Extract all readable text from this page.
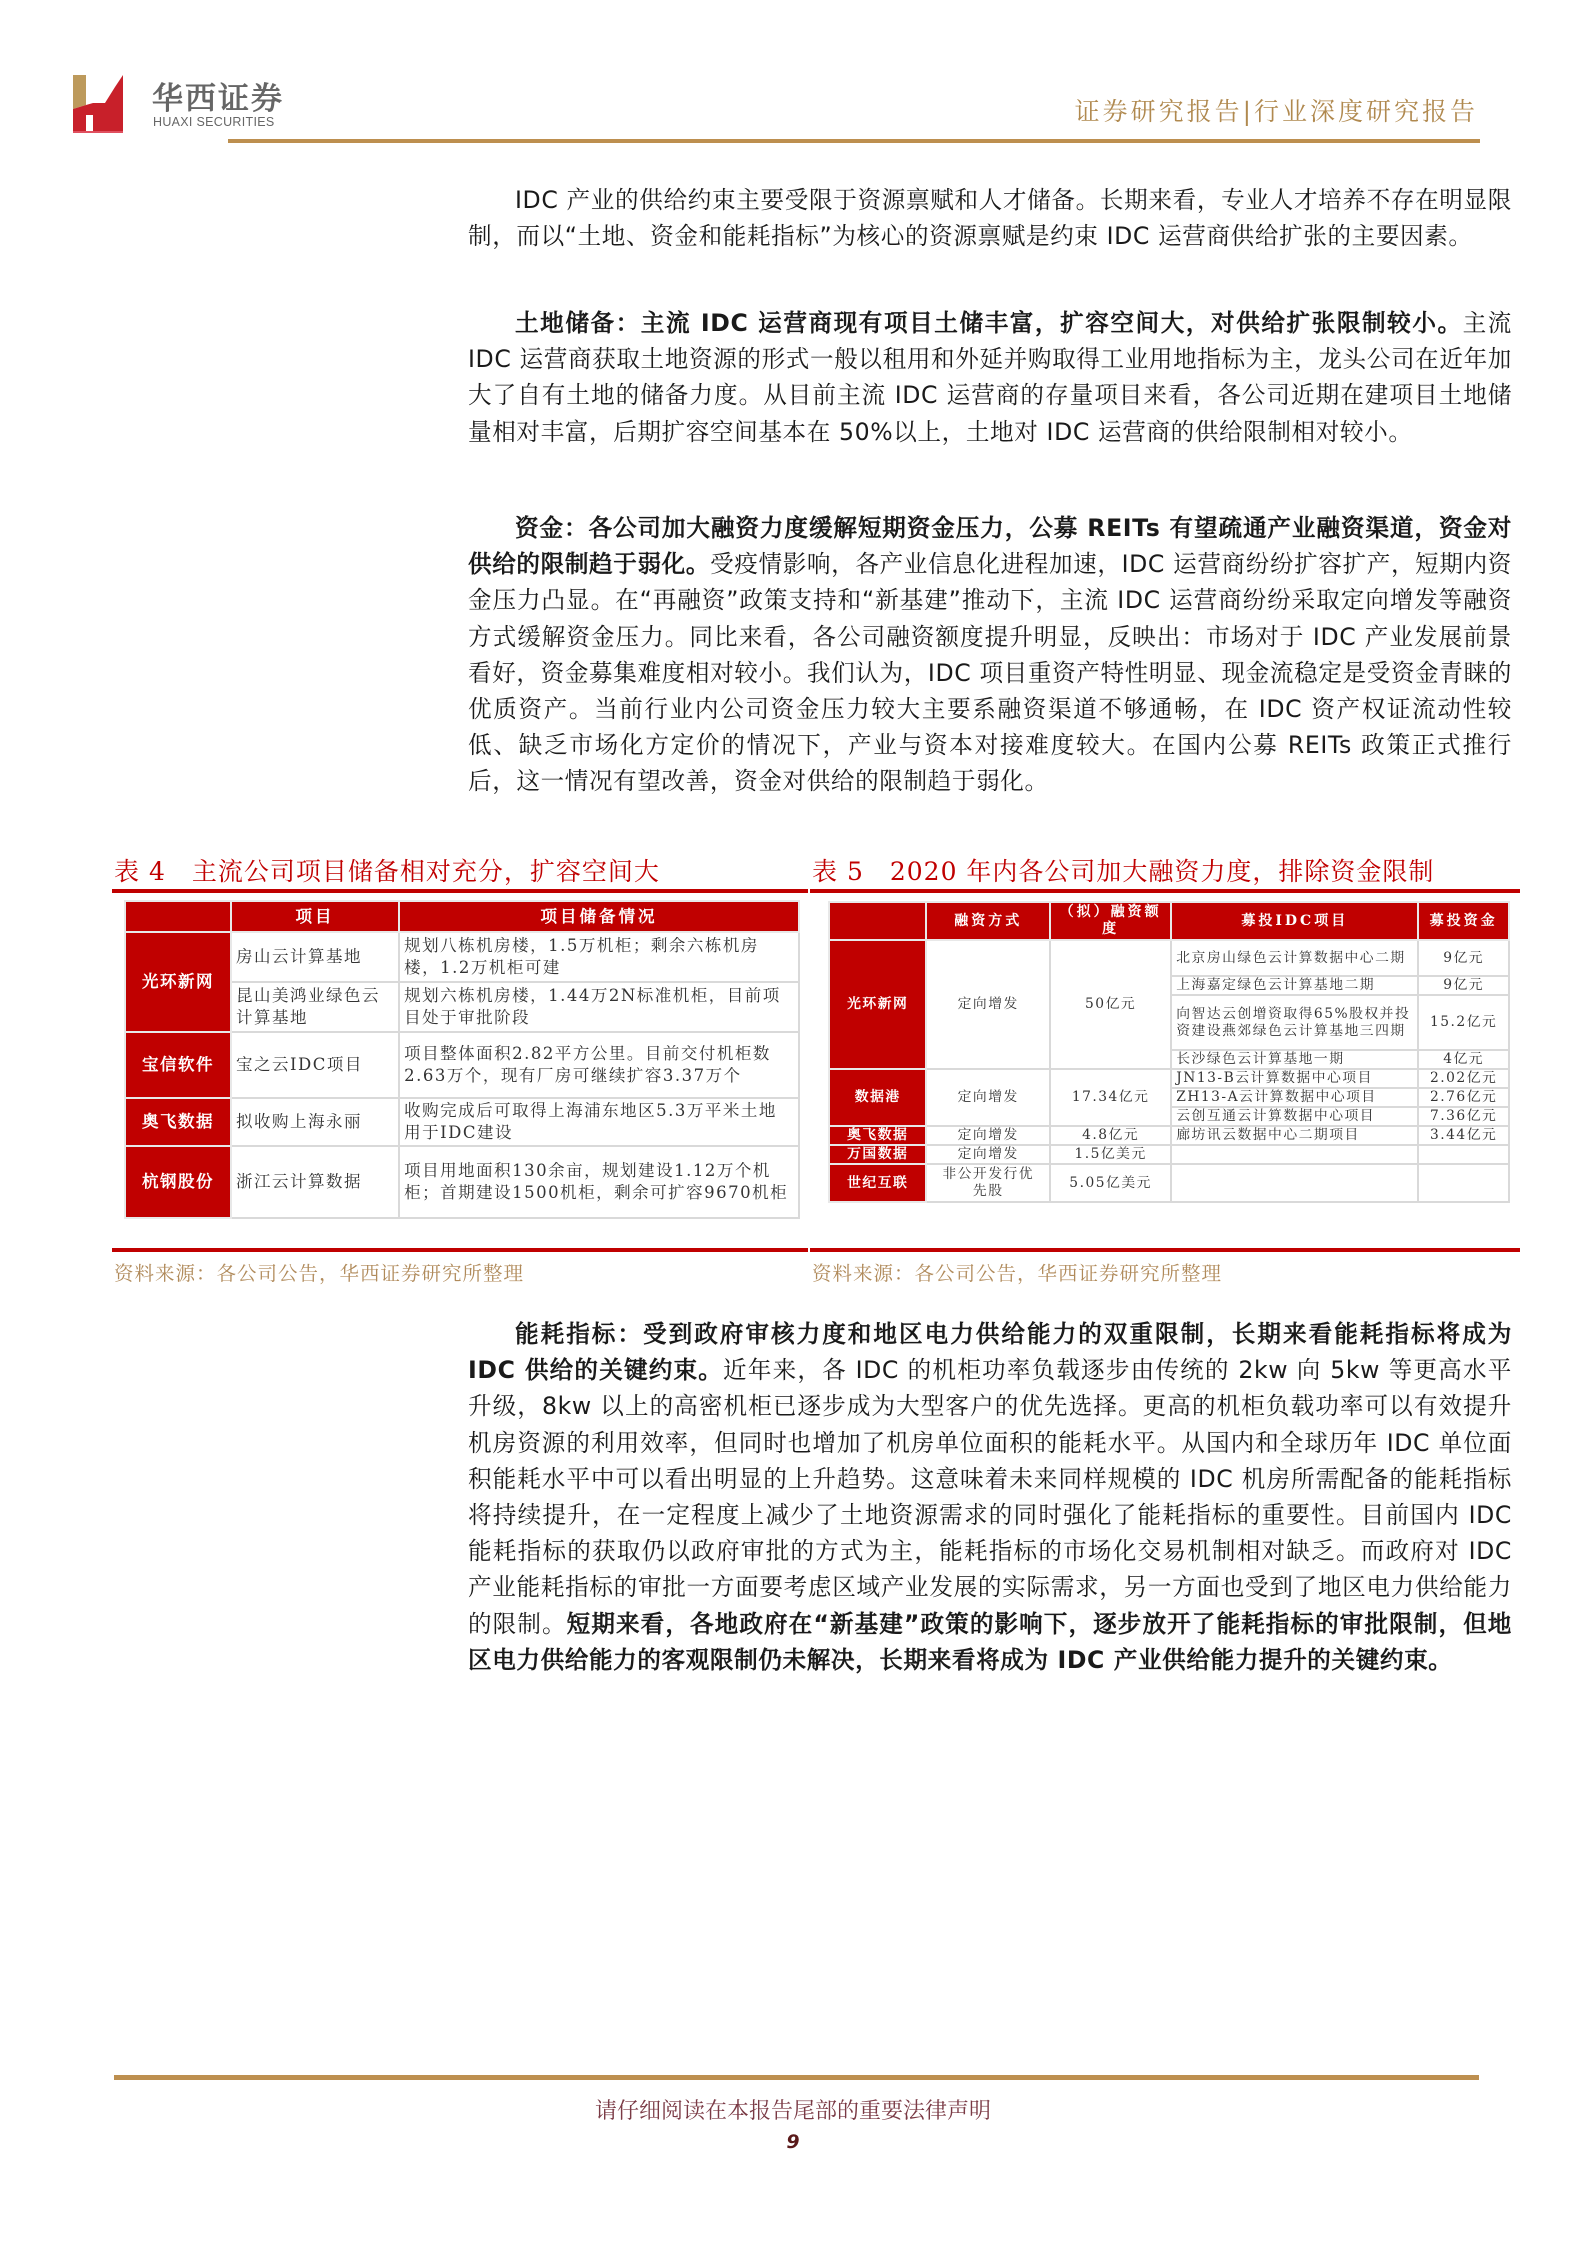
华西证券
HUAXI SECURITIES	证券研究报告|行业深度研究报告

IDC 产业的供给约束主要受限于资源禀赋和人才储备。长期来看，专业人才培养不存在明显限制，而以“土地、资金和能耗指标”为核心的资源禀赋是约束 IDC 运营商供给扩张的主要因素。

土地储备：主流 IDC 运营商现有项目土储丰富，扩容空间大，对供给扩张限制较小。主流 IDC 运营商获取土地资源的形式一般以租用和外延并购取得工业用地指标为主，龙头公司在近年加大了自有土地的储备力度。从目前主流 IDC 运营商的存量项目来看，各公司近期在建项目土地储量相对丰富，后期扩容空间基本在 50%以上，土地对 IDC 运营商的供给限制相对较小。

资金：各公司加大融资力度缓解短期资金压力，公募 REITs 有望疏通产业融资渠道，资金对供给的限制趋于弱化。受疫情影响，各产业信息化进程加速，IDC 运营商纷纷扩容扩产，短期内资金压力凸显。在“再融资”政策支持和“新基建”推动下，主流 IDC 运营商纷纷采取定向增发等融资方式缓解资金压力。同比来看，各公司融资额度提升明显，反映出：市场对于 IDC 产业发展前景看好，资金募集难度相对较小。我们认为，IDC 项目重资产特性明显、现金流稳定是受资金青睐的优质资产。当前行业内公司资金压力较大主要系融资渠道不够通畅，在 IDC 资产权证流动性较低、缺乏市场化方定价的情况下，产业与资本对接难度较大。在国内公募 REITs 政策正式推行后，这一情况有望改善，资金对供给的限制趋于弱化。

表 4　主流公司项目储备相对充分，扩容空间大
	项目	项目储备情况
光环新网	房山云计算基地	规划八栋机房楼，1.5万机柜；剩余六栋机房楼，1.2万机柜可建
	昆山美鸿业绿色云计算基地	规划六栋机房楼，1.44万2N标准机柜，目前项目处于审批阶段
宝信软件	宝之云IDC项目	项目整体面积2.82平方公里。目前交付机柜数2.63万个，现有厂房可继续扩容3.37万个
奥飞数据	拟收购上海永丽	收购完成后可取得上海浦东地区5.3万平米土地用于IDC建设
杭钢股份	浙江云计算数据	项目用地面积130余亩，规划建设1.12万个机柜；首期建设1500机柜，剩余可扩容9670机柜
资料来源：各公司公告，华西证券研究所整理
表 5　2020 年内各公司加大融资力度，排除资金限制
	融资方式	（拟）融资额度	募投IDC项目	募投资金
光环新网	定向增发	50亿元	北京房山绿色云计算数据中心二期	9亿元
			上海嘉定绿色云计算基地二期	9亿元
			向智达云创增资取得65%股权并投资建设燕郊绿色云计算基地三四期	15.2亿元
			长沙绿色云计算基地一期	4亿元
数据港	定向增发	17.34亿元	JN13-B云计算数据中心项目	2.02亿元
			ZH13-A云计算数据中心项目	2.76亿元
			云创互通云计算数据中心项目	7.36亿元
奥飞数据	定向增发	4.8亿元	廊坊讯云数据中心二期项目	3.44亿元
万国数据	定向增发	1.5亿美元		
世纪互联	非公开发行优先股	5.05亿美元		
资料来源：各公司公告，华西证券研究所整理

能耗指标：受到政府审核力度和地区电力供给能力的双重限制，长期来看能耗指标将成为 IDC 供给的关键约束。近年来，各 IDC 的机柜功率负载逐步由传统的 2kw 向 5kw 等更高水平升级，8kw 以上的高密机柜已逐步成为大型客户的优先选择。更高的机柜负载功率可以有效提升机房资源的利用效率，但同时也增加了机房单位面积的能耗水平。从国内和全球历年 IDC 单位面积能耗水平中可以看出明显的上升趋势。这意味着未来同样规模的 IDC 机房所需配备的能耗指标将持续提升，在一定程度上减少了土地资源需求的同时强化了能耗指标的重要性。目前国内 IDC 能耗指标的获取仍以政府审批的方式为主，能耗指标的市场化交易机制相对缺乏。而政府对 IDC 产业能耗指标的审批一方面要考虑区域产业发展的实际需求，另一方面也受到了地区电力供给能力的限制。短期来看，各地政府在“新基建”政策的影响下，逐步放开了能耗指标的审批限制，但地区电力供给能力的客观限制仍未解决，长期来看将成为 IDC 产业供给能力提升的关键约束。

请仔细阅读在本报告尾部的重要法律声明
9
